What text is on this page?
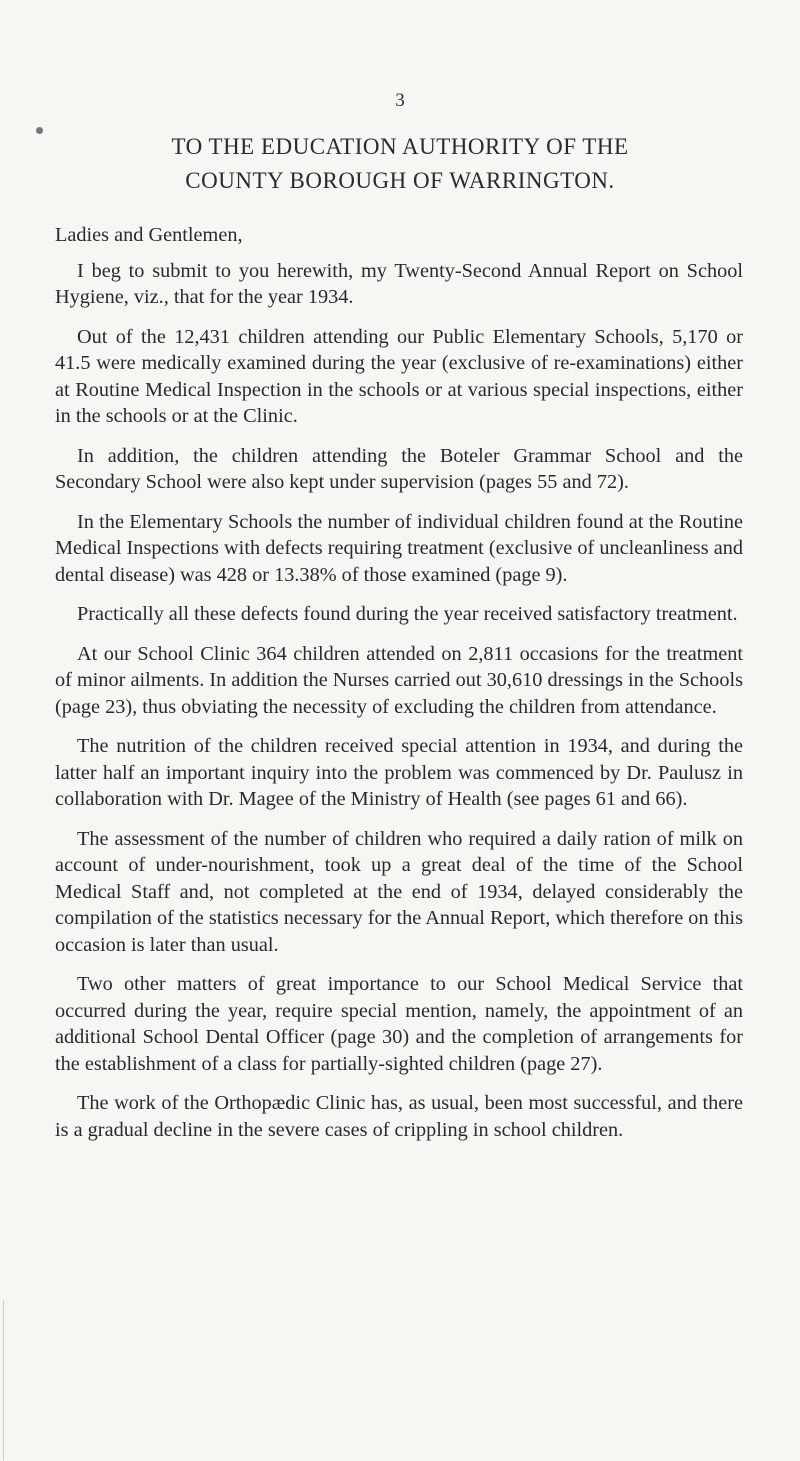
3
TO THE EDUCATION AUTHORITY OF THE
COUNTY BOROUGH OF WARRINGTON.

Ladies and Gentlemen,

I beg to submit to you herewith, my Twenty-Second Annual Report on School Hygiene, viz., that for the year 1934.

Out of the 12,431 children attending our Public Elementary Schools, 5,170 or 41.5 were medically examined during the year (exclusive of re-examinations) either at Routine Medical Inspection in the schools or at various special inspections, either in the schools or at the Clinic.

In addition, the children attending the Boteler Grammar School and the Secondary School were also kept under supervision (pages 55 and 72).

In the Elementary Schools the number of individual children found at the Routine Medical Inspections with defects requiring treatment (exclusive of uncleanliness and dental disease) was 428 or 13.38% of those examined (page 9).

Practically all these defects found during the year received satisfactory treatment.

At our School Clinic 364 children attended on 2,811 occasions for the treatment of minor ailments. In addition the Nurses carried out 30,610 dressings in the Schools (page 23), thus obviating the necessity of excluding the children from attendance.

The nutrition of the children received special attention in 1934, and during the latter half an important inquiry into the problem was commenced by Dr. Paulusz in collaboration with Dr. Magee of the Ministry of Health (see pages 61 and 66).

The assessment of the number of children who required a daily ration of milk on account of under-nourishment, took up a great deal of the time of the School Medical Staff and, not completed at the end of 1934, delayed considerably the compilation of the statistics necessary for the Annual Report, which therefore on this occasion is later than usual.

Two other matters of great importance to our School Medical Service that occurred during the year, require special mention, namely, the appointment of an additional School Dental Officer (page 30) and the completion of arrangements for the establishment of a class for partially-sighted children (page 27).

The work of the Orthopædic Clinic has, as usual, been most successful, and there is a gradual decline in the severe cases of crippling in school children.
